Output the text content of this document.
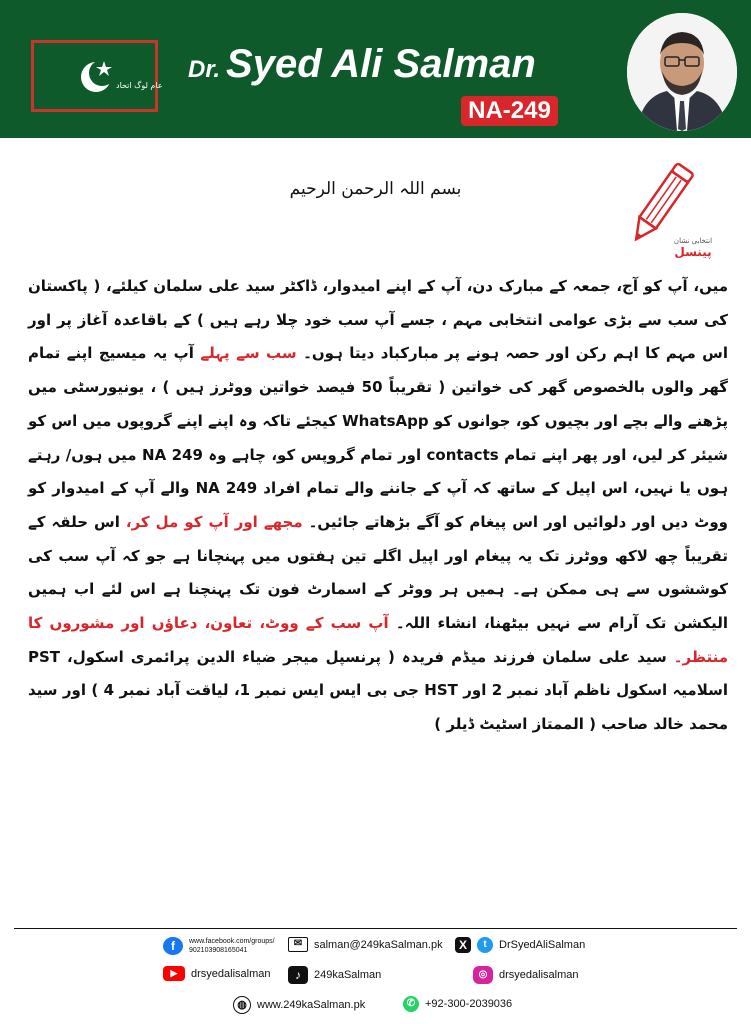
عام لوگ اتحاد
Dr. Syed Ali Salman
NA-249
بسم اللہ الرحمن الرحیم
انتخابی نشان
پینسل
میں، آپ کو آج، جمعہ کے مبارک دن، آپ کے اپنے امیدوار، ڈاکٹر سید علی سلمان کیلئے، ( پاکستان کی سب سے بڑی عوامی انتخابی مہم ، جسے آپ سب خود چلا رہے ہیں ) کے باقاعدہ آغاز پر اور اس مہم کا اہم رکن اور حصہ ہونے پر مبارکباد دیتا ہوں۔ سب سے پہلے آپ یہ میسیج اپنے تمام گھر والوں بالخصوص گھر کی خواتین ( تقریباً 50 فیصد خواتین ووٹرز ہیں ) ، یونیورسٹی میں پڑھنے والے بچے اور بچیوں کو، جوانوں کو WhatsApp کیجئے تاکہ وہ اپنے اپنے گروپوں میں اس کو شیئر کر لیں، اور پھر اپنے تمام contacts اور تمام گروپس کو، چاہے وہ NA 249 میں ہوں/ رہتے ہوں یا نہیں، اس اپیل کے ساتھ کہ آپ کے جاننے والے تمام افراد NA 249 والے آپ کے امیدوار کو ووٹ دیں اور دلوائیں اور اس پیغام کو آگے بڑھاتے جائیں۔ مجھے اور آپ کو مل کر، اس حلقہ کے تقریباً چھ لاکھ ووٹرز تک یہ پیغام اور اپیل اگلے تین ہفتوں میں پہنچانا ہے جو کہ آپ سب کی کوششوں سے ہی ممکن ہے۔ ہمیں ہر ووٹر کے اسمارٹ فون تک پہنچنا ہے اس لئے اب ہمیں الیکشن تک آرام سے نہیں بیٹھنا، انشاء اللہ۔ آپ سب کے ووٹ، تعاون، دعاؤں اور مشوروں کا منتظر۔ سید علی سلمان فرزند میڈم فریدہ ( پرنسپل میجر ضیاء الدین پرائمری اسکول، PST اسلامیہ اسکول ناظم آباد نمبر 2 اور HST جی بی ایس ایس نمبر 1، لیاقت آباد نمبر 4 ) اور سید محمد خالد صاحب ( الممتاز اسٹیٹ ڈیلر )
f	www.facebook.com/groups/
902103908165041
✉	salman@249kaSalman.pk	X	t	DrSyedAliSalman
▶	drsyedalisalman	♪	249kaSalman	◎	drsyedalisalman
◍ www.249kaSalman.pk	✆ +92-300-2039036
